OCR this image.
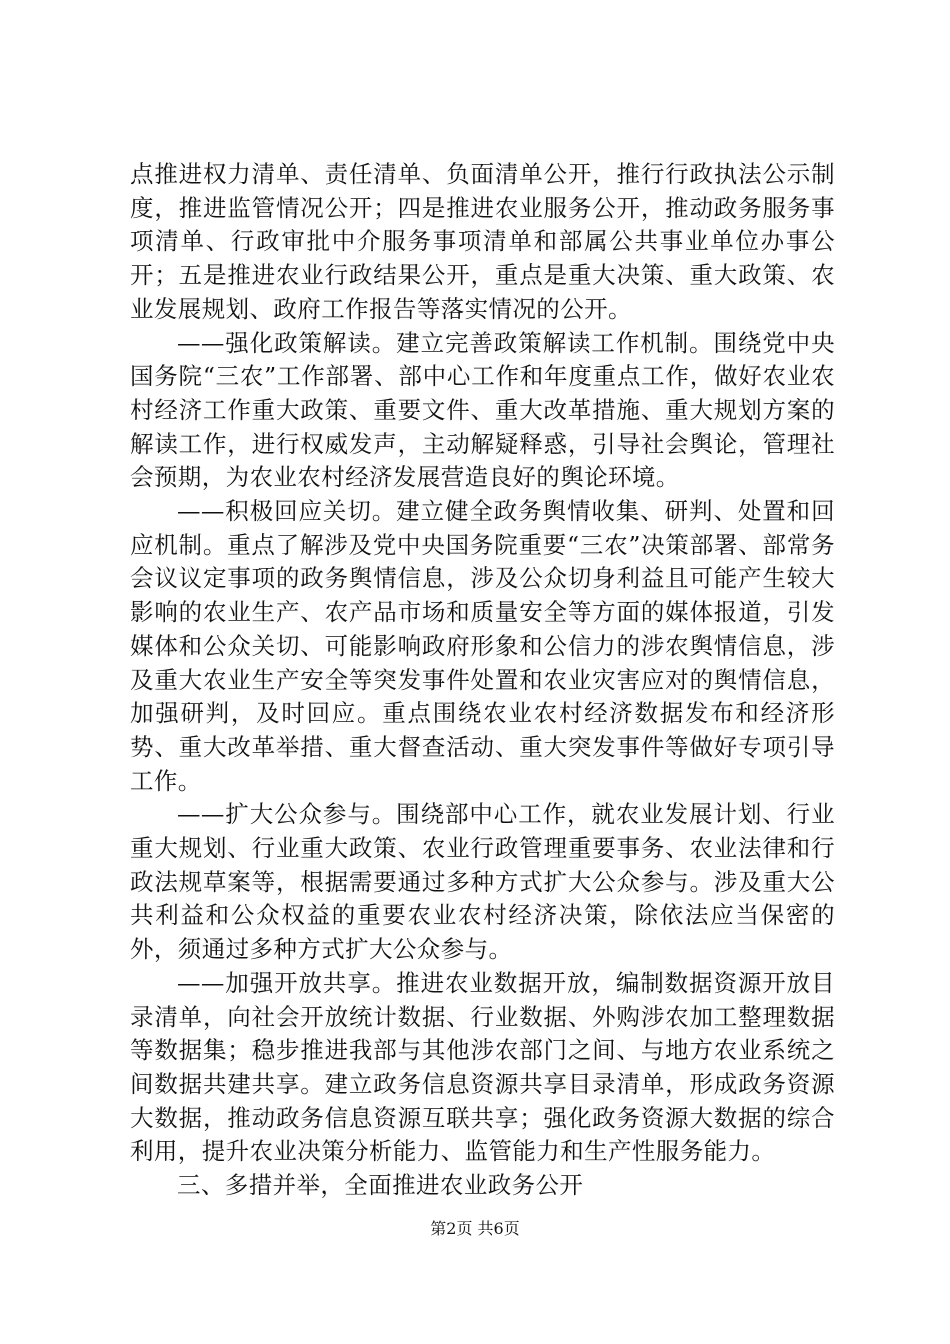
点推进权力清单、责任清单、负面清单公开，推行行政执法公示制度，推进监管情况公开；四是推进农业服务公开，推动政务服务事项清单、行政审批中介服务事项清单和部属公共事业单位办事公开；五是推进农业行政结果公开，重点是重大决策、重大政策、农业发展规划、政府工作报告等落实情况的公开。

——强化政策解读。建立完善政策解读工作机制。围绕党中央国务院“三农”工作部署、部中心工作和年度重点工作，做好农业农村经济工作重大政策、重要文件、重大改革措施、重大规划方案的解读工作，进行权威发声，主动解疑释惑，引导社会舆论，管理社会预期，为农业农村经济发展营造良好的舆论环境。

——积极回应关切。建立健全政务舆情收集、研判、处置和回应机制。重点了解涉及党中央国务院重要“三农”决策部署、部常务会议议定事项的政务舆情信息，涉及公众切身利益且可能产生较大影响的农业生产、农产品市场和质量安全等方面的媒体报道，引发媒体和公众关切、可能影响政府形象和公信力的涉农舆情信息，涉及重大农业生产安全等突发事件处置和农业灾害应对的舆情信息，加强研判，及时回应。重点围绕农业农村经济数据发布和经济形势、重大改革举措、重大督查活动、重大突发事件等做好专项引导工作。

——扩大公众参与。围绕部中心工作，就农业发展计划、行业重大规划、行业重大政策、农业行政管理重要事务、农业法律和行政法规草案等，根据需要通过多种方式扩大公众参与。涉及重大公共利益和公众权益的重要农业农村经济决策，除依法应当保密的外，须通过多种方式扩大公众参与。

——加强开放共享。推进农业数据开放，编制数据资源开放目录清单，向社会开放统计数据、行业数据、外购涉农加工整理数据等数据集；稳步推进我部与其他涉农部门之间、与地方农业系统之间数据共建共享。建立政务信息资源共享目录清单，形成政务资源大数据，推动政务信息资源互联共享；强化政务资源大数据的综合利用，提升农业决策分析能力、监管能力和生产性服务能力。

三、多措并举，全面推进农业政务公开

第2页 共6页
